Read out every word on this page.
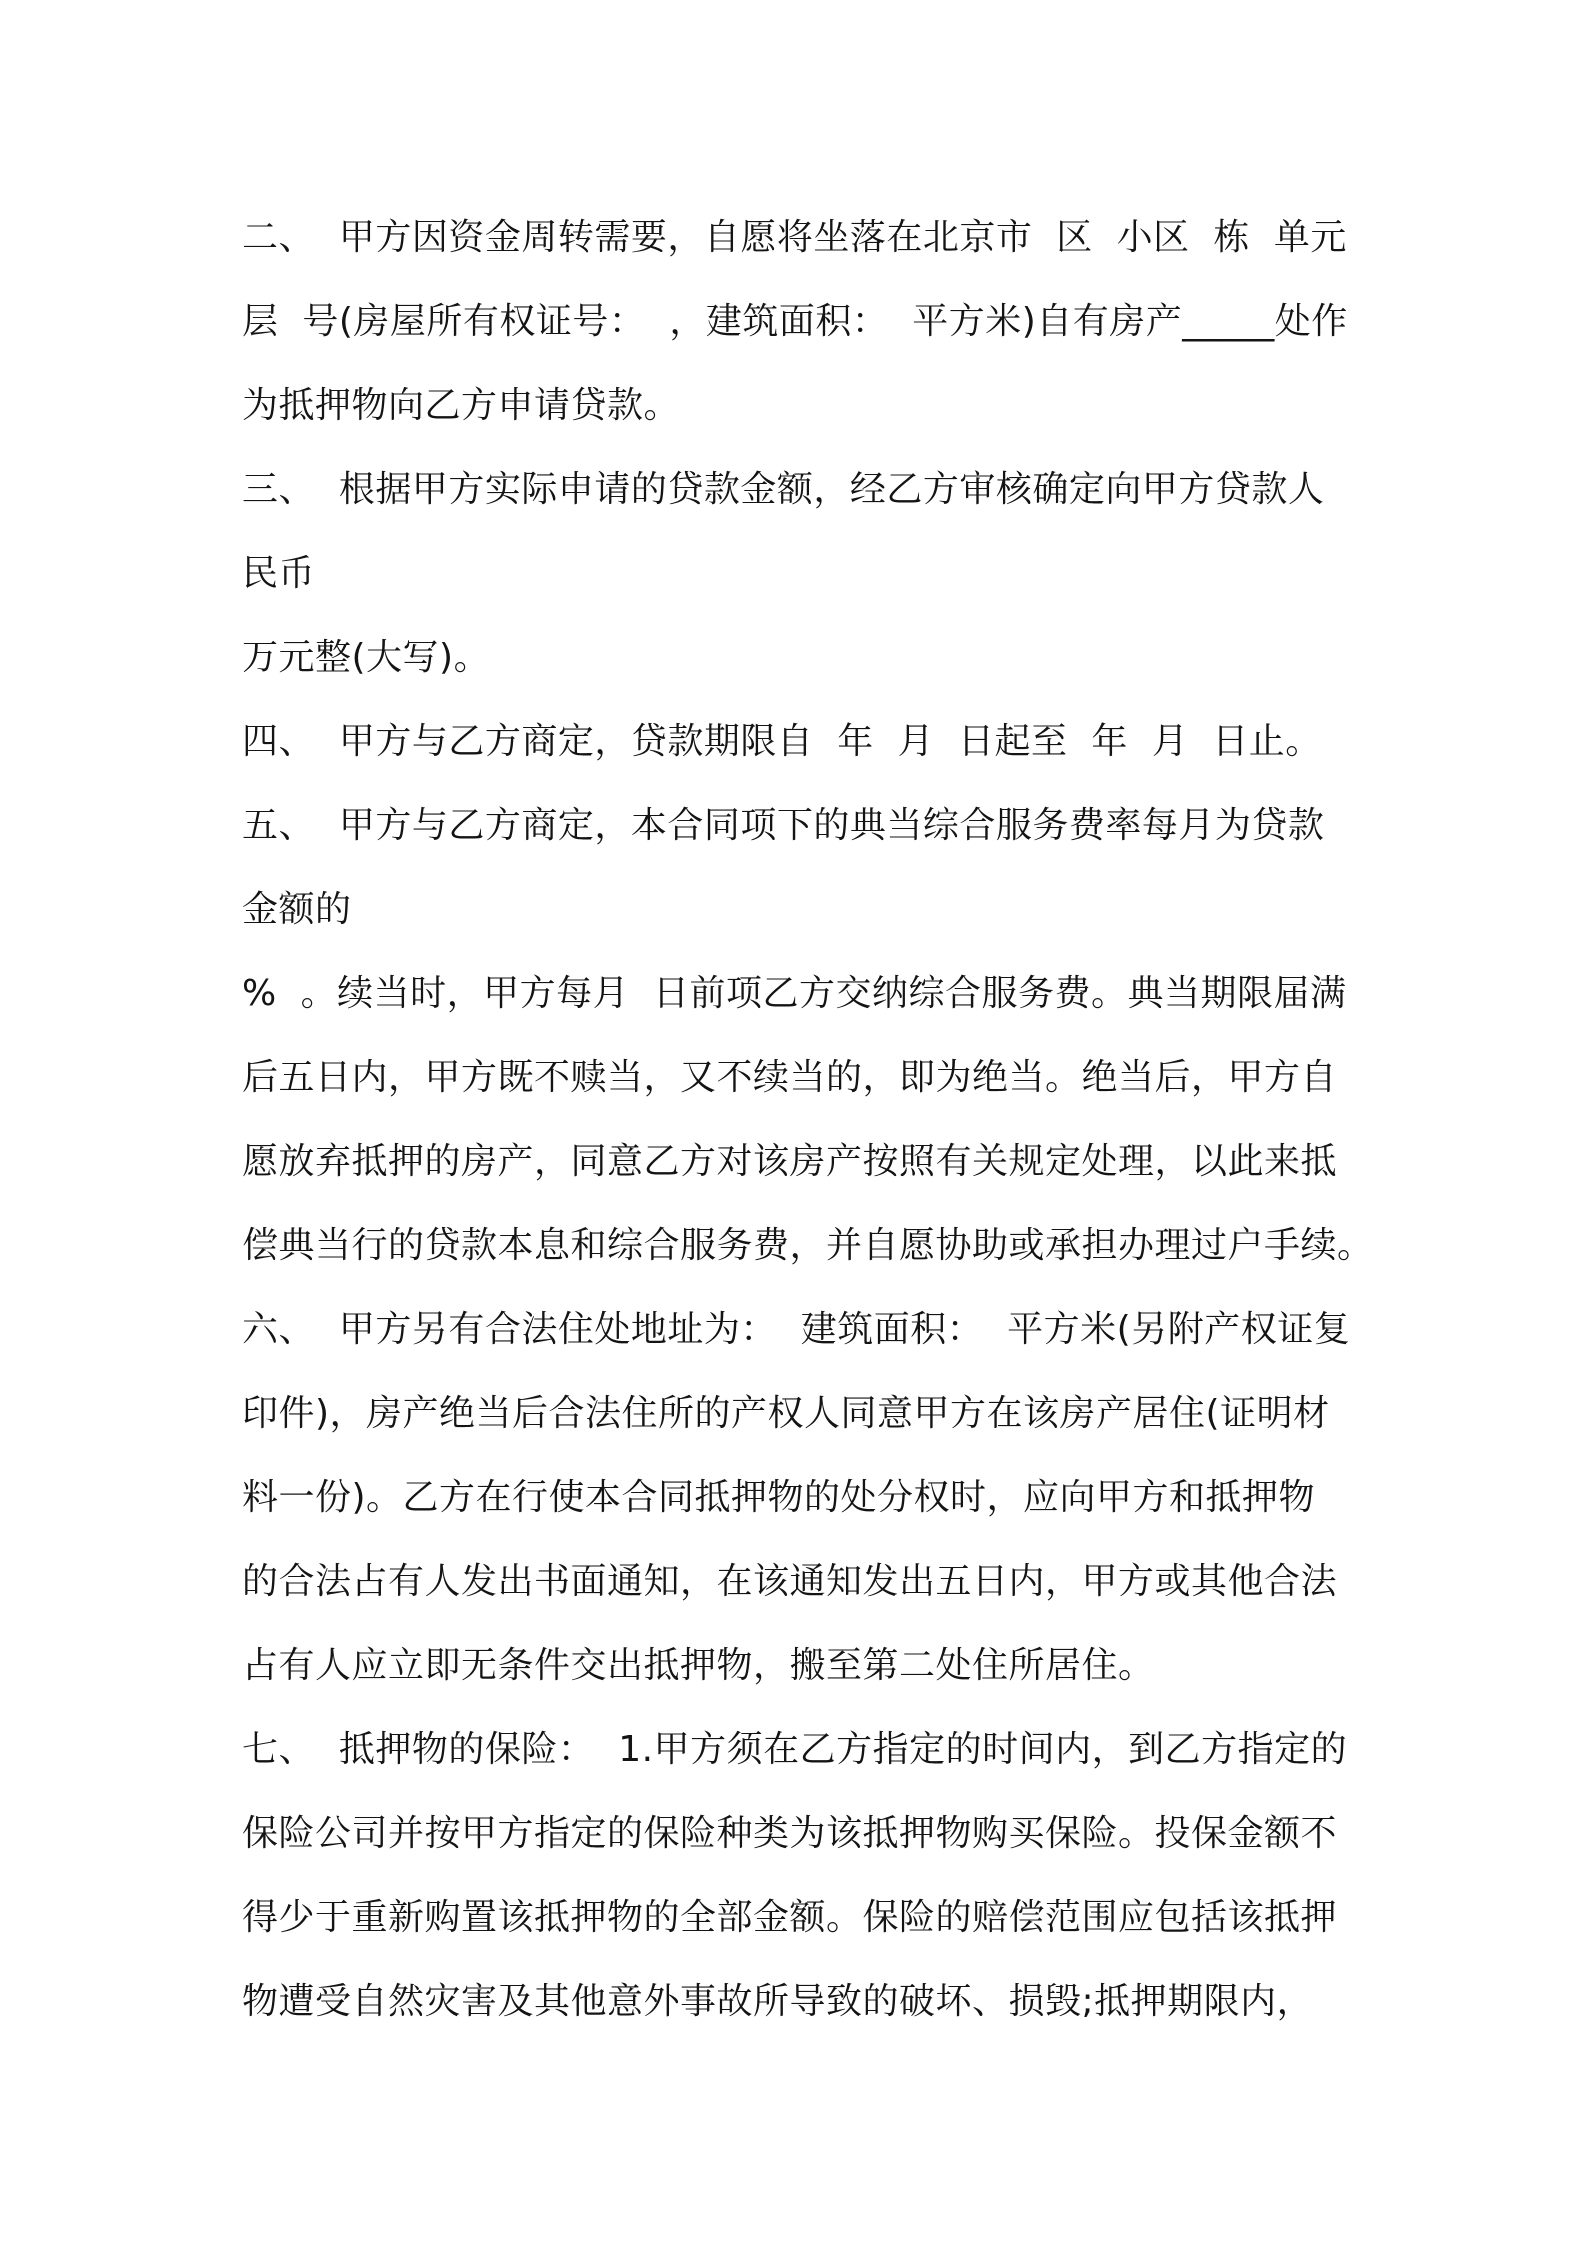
二、  甲方因资金周转需要，自愿将坐落在北京市  区  小区  栋  单元
层  号(房屋所有权证号：  ，建筑面积：  平方米)自有房产_____处作
为抵押物向乙方申请贷款。
三、  根据甲方实际申请的贷款金额，经乙方审核确定向甲方贷款人
民币
万元整(大写)。
四、  甲方与乙方商定，贷款期限自  年  月  日起至  年  月  日止。
五、  甲方与乙方商定，本合同项下的典当综合服务费率每月为贷款
金额的
%  。续当时，甲方每月  日前项乙方交纳综合服务费。典当期限届满
后五日内，甲方既不赎当，又不续当的，即为绝当。绝当后，甲方自
愿放弃抵押的房产，同意乙方对该房产按照有关规定处理，以此来抵
偿典当行的贷款本息和综合服务费，并自愿协助或承担办理过户手续。
六、  甲方另有合法住处地址为：  建筑面积：  平方米(另附产权证复
印件)，房产绝当后合法住所的产权人同意甲方在该房产居住(证明材
料一份)。乙方在行使本合同抵押物的处分权时，应向甲方和抵押物
的合法占有人发出书面通知，在该通知发出五日内，甲方或其他合法
占有人应立即无条件交出抵押物，搬至第二处住所居住。
七、  抵押物的保险：  1.甲方须在乙方指定的时间内，到乙方指定的
保险公司并按甲方指定的保险种类为该抵押物购买保险。投保金额不
得少于重新购置该抵押物的全部金额。保险的赔偿范围应包括该抵押
物遭受自然灾害及其他意外事故所导致的破坏、损毁;抵押期限内，
